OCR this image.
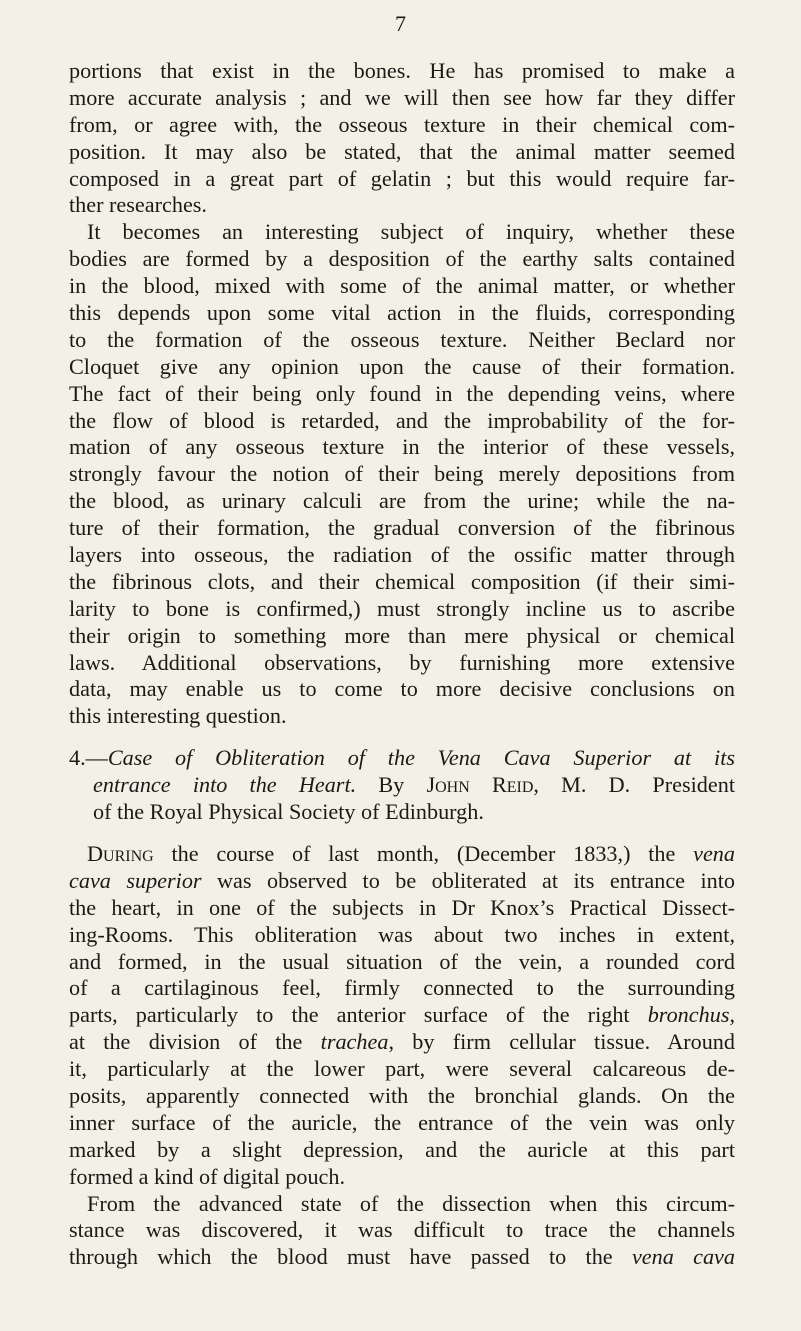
7
portions that exist in the bones. He has promised to make a
more accurate analysis ; and we will then see how far they differ
from, or agree with, the osseous texture in their chemical com-
position. It may also be stated, that the animal matter seemed
composed in a great part of gelatin ; but this would require far-
ther researches.
It becomes an interesting subject of inquiry, whether these
bodies are formed by a desposition of the earthy salts contained
in the blood, mixed with some of the animal matter, or whether
this depends upon some vital action in the fluids, corresponding
to the formation of the osseous texture. Neither Beclard nor
Cloquet give any opinion upon the cause of their formation.
The fact of their being only found in the depending veins, where
the flow of blood is retarded, and the improbability of the for-
mation of any osseous texture in the interior of these vessels,
strongly favour the notion of their being merely depositions from
the blood, as urinary calculi are from the urine; while the na-
ture of their formation, the gradual conversion of the fibrinous
layers into osseous, the radiation of the ossific matter through
the fibrinous clots, and their chemical composition (if their simi-
larity to bone is confirmed,) must strongly incline us to ascribe
their origin to something more than mere physical or chemical
laws. Additional observations, by furnishing more extensive
data, may enable us to come to more decisive conclusions on
this interesting question.
4.—Case of Obliteration of the Vena Cava Superior at its
entrance into the Heart. By John Reid, M. D. President
of the Royal Physical Society of Edinburgh.
During the course of last month, (December 1833,) the vena
cava superior was observed to be obliterated at its entrance into
the heart, in one of the subjects in Dr Knox’s Practical Dissect-
ing-Rooms. This obliteration was about two inches in extent,
and formed, in the usual situation of the vein, a rounded cord
of a cartilaginous feel, firmly connected to the surrounding
parts, particularly to the anterior surface of the right bronchus,
at the division of the trachea, by firm cellular tissue. Around
it, particularly at the lower part, were several calcareous de-
posits, apparently connected with the bronchial glands. On the
inner surface of the auricle, the entrance of the vein was only
marked by a slight depression, and the auricle at this part
formed a kind of digital pouch.
From the advanced state of the dissection when this circum-
stance was discovered, it was difficult to trace the channels
through which the blood must have passed to the vena cava
